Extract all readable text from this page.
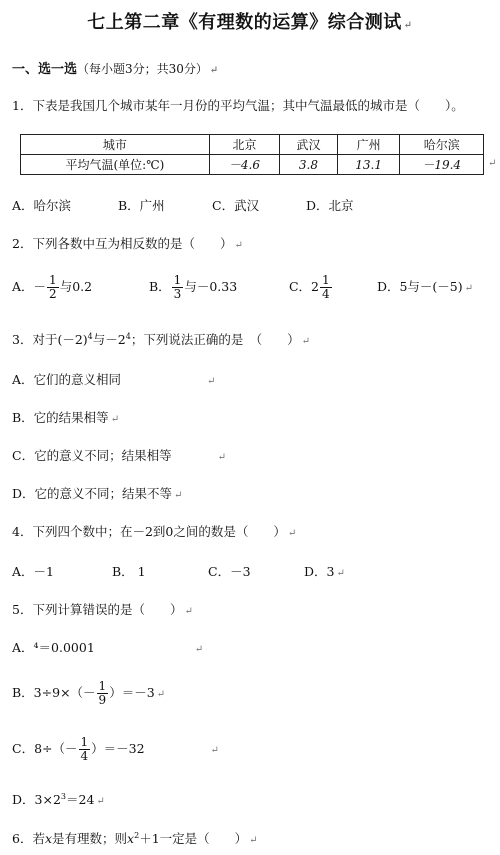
七上第二章《有理数的运算》综合测试 ↵
一、选一选（每小题3分；共30分） ↵
1．下表是我国几个城市某年一月份的平均气温；其中气温最低的城市是（　　）。
↵
城市	北京	武汉	广州	哈尔滨
平均气温(单位:℃)	－4.6	3.8	13.1	－19.4
A．哈尔滨	B．广州	C．武汉	D．北京
2．下列各数中互为相反数的是（　　） ↵
A．－ $\frac{1}{2}$ 与0.2	B． $\frac{1}{3}$ 与－0.33	C．$2 \frac{1}{4}$	D．5与－(－5) ↵
3．对于$(-2)^4$与$-2^4$；下列说法正确的是　（　　） ↵
A．它们的意义相同	↵
B．它的结果相等 ↵
C．它的意义不同；结果相等	↵
D．它的意义不同；结果不等 ↵
4．下列四个数中；在－2到0之间的数是（　　） ↵
A．－1	B． 1	C．－3	D．3 ↵
5．下列计算错误的是（　　） ↵
A．⁴＝0.0001	↵
B．$3\div 9\times(- \frac{1}{9} )=-3$ ↵
C．$8\div(- \frac{1}{4} )=-32$	↵
D．$3\times 2^3=24$ ↵
6．若x是有理数；则$x^2+1$一定是（　　） ↵
